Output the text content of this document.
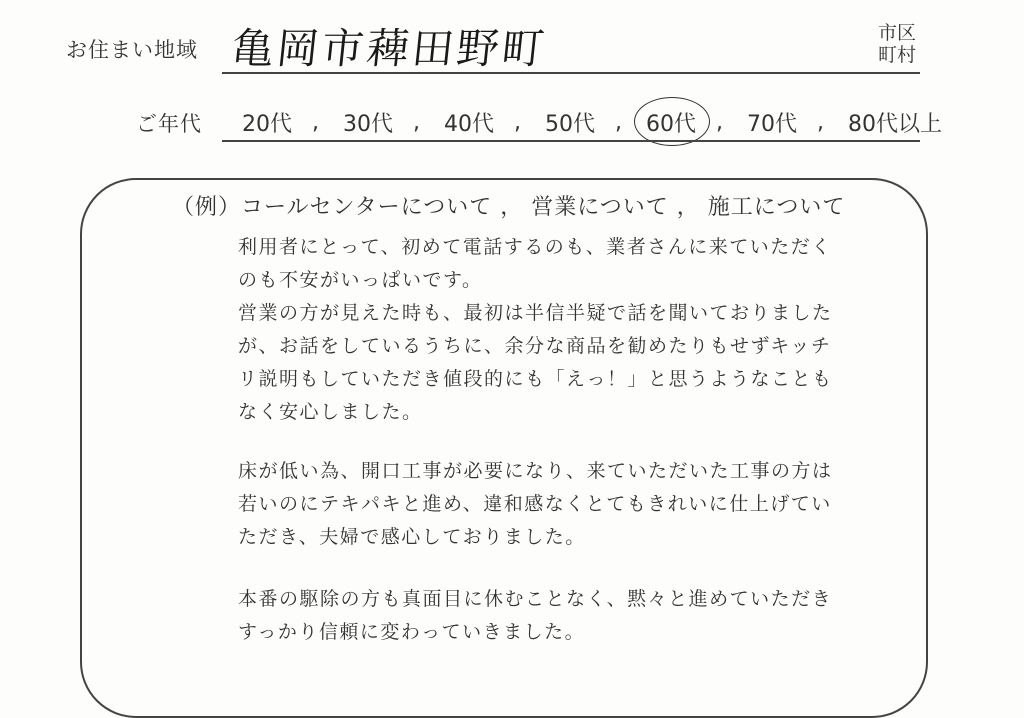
お住まい地域 亀岡市薭田野町	市区
町村
ご年代 20代 ,	30代 ,	40代 ,	50代 ,	60代 ,	70代 ,	80代以上
（例）コールセンターについて ， 営業について ， 施工について
利用者にとって、初めて電話するのも、業者さんに来ていただく
のも不安がいっぱいです。
営業の方が見えた時も、最初は半信半疑で話を聞いておりました
が、お話をしているうちに、余分な商品を勧めたりもせずキッチ
リ説明もしていただき値段的にも「えっ！」と思うようなことも
なく安心しました。
床が低い為、開口工事が必要になり、来ていただいた工事の方は
若いのにテキパキと進め、違和感なくとてもきれいに仕上げてい
ただき、夫婦で感心しておりました。
本番の駆除の方も真面目に休むことなく、黙々と進めていただき
すっかり信頼に変わっていきました。
